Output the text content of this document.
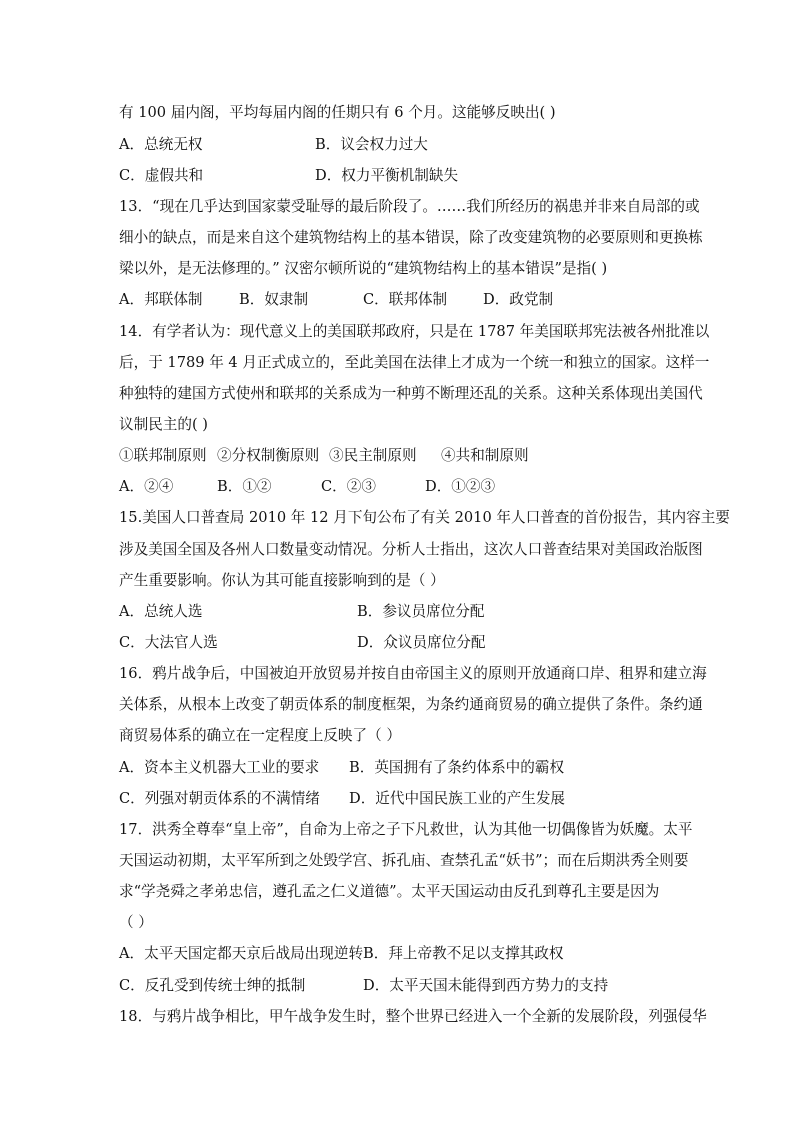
有 100 届内阁，平均每届内阁的任期只有 6 个月。这能够反映出( )
A．总统无权	B．议会权力过大
C．虚假共和	D．权力平衡机制缺失
13．“现在几乎达到国家蒙受耻辱的最后阶段了。……我们所经历的祸患并非来自局部的或
细小的缺点，而是来自这个建筑物结构上的基本错误，除了改变建筑物的必要原则和更换栋
梁以外，是无法修理的。” 汉密尔顿所说的“建筑物结构上的基本错误”是指( )
A．邦联体制 B．奴隶制	C．联邦体制 D．政党制
14．有学者认为：现代意义上的美国联邦政府，只是在 1787 年美国联邦宪法被各州批准以
后，于 1789 年 4 月正式成立的，至此美国在法律上才成为一个统一和独立的国家。这样一
种独特的建国方式使州和联邦的关系成为一种剪不断理还乱的关系。这种关系体现出美国代
议制民主的( )
①联邦制原则 ②分权制衡原则 ③民主制原则 ④共和制原则
A．②④	B．①②	C．②③	D．①②③
15.美国人口普查局 2010 年 12 月下旬公布了有关 2010 年人口普查的首份报告，其内容主要
涉及美国全国及各州人口数量变动情况。分析人士指出，这次人口普查结果对美国政治版图
产生重要影响。你认为其可能直接影响到的是（ ）
A．总统人选	B．参议员席位分配
C．大法官人选	D．众议员席位分配
16．鸦片战争后，中国被迫开放贸易并按自由帝国主义的原则开放通商口岸、租界和建立海
关体系，从根本上改变了朝贡体系的制度框架，为条约通商贸易的确立提供了条件。条约通
商贸易体系的确立在一定程度上反映了（ ）
A．资本主义机器大工业的要求 B．英国拥有了条约体系中的霸权
C．列强对朝贡体系的不满情绪 D．近代中国民族工业的产生发展
17．洪秀全尊奉“皇上帝”，自命为上帝之子下凡救世，认为其他一切偶像皆为妖魔。太平
天国运动初期，太平军所到之处毁学宫、拆孔庙、查禁孔孟“妖书”；而在后期洪秀全则要
求“学尧舜之孝弟忠信，遵孔孟之仁义道德”。太平天国运动由反孔到尊孔主要是因为
（ ）
A．太平天国定都天京后战局出现逆转 B．拜上帝教不足以支撑其政权
C．反孔受到传统士绅的抵制	D．太平天国未能得到西方势力的支持
18．与鸦片战争相比，甲午战争发生时，整个世界已经进入一个全新的发展阶段，列强侵华
